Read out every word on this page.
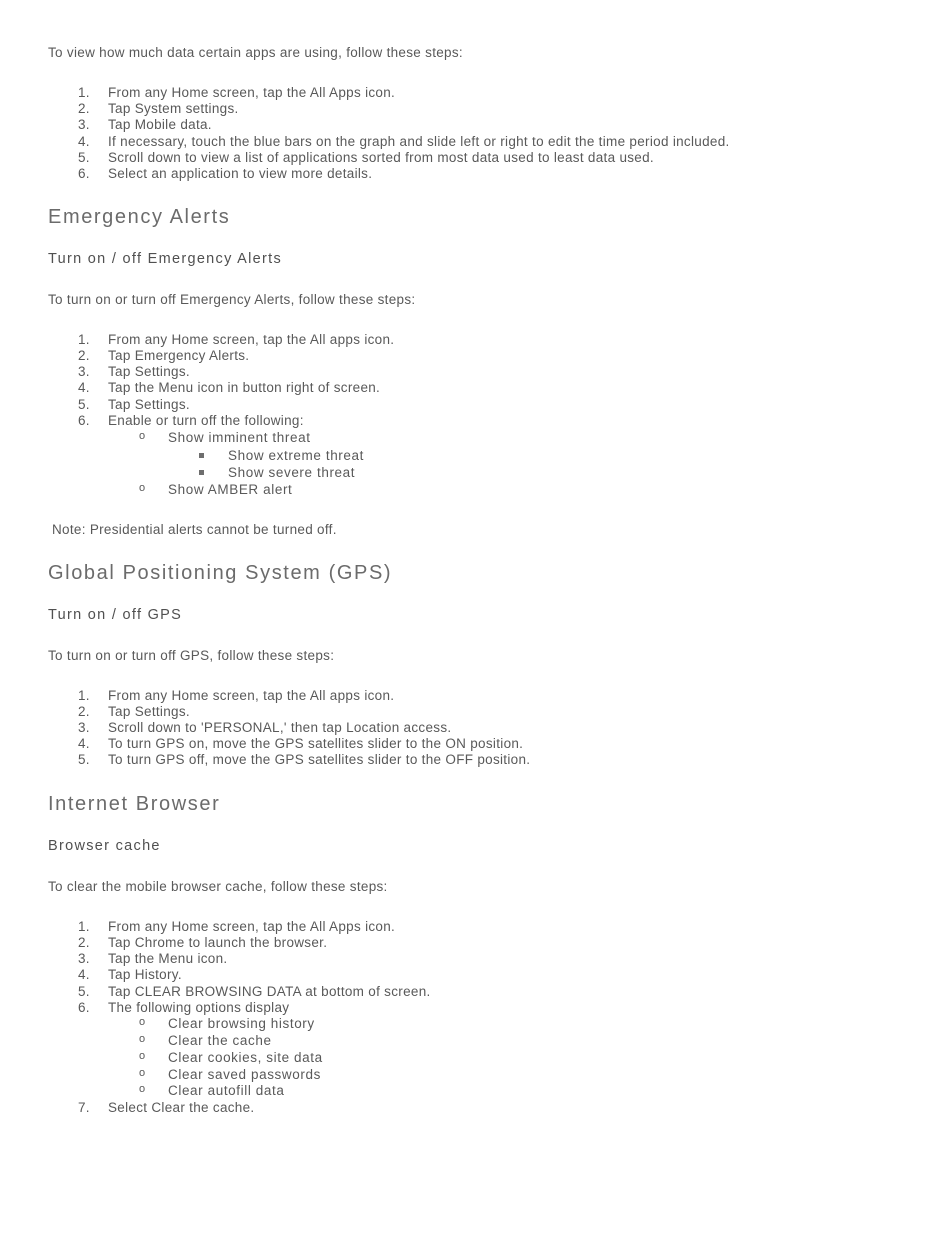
To view how much data certain apps are using, follow these steps:
1. From any Home screen, tap the All Apps icon.
2. Tap System settings.
3. Tap Mobile data.
4. If necessary, touch the blue bars on the graph and slide left or right to edit the time period included.
5. Scroll down to view a list of applications sorted from most data used to least data used.
6. Select an application to view more details.
Emergency Alerts
Turn on / off Emergency Alerts
To turn on or turn off Emergency Alerts, follow these steps:
1. From any Home screen, tap the All apps icon.
2. Tap Emergency Alerts.
3. Tap Settings.
4. Tap the Menu icon in button right of screen.
5. Tap Settings.
6. Enable or turn off the following:
o Show imminent threat
Show extreme threat
Show severe threat
o Show AMBER alert
Note: Presidential alerts cannot be turned off.
Global Positioning System (GPS)
Turn on / off GPS
To turn on or turn off GPS, follow these steps:
1. From any Home screen, tap the All apps icon.
2. Tap Settings.
3. Scroll down to 'PERSONAL,' then tap Location access.
4. To turn GPS on, move the GPS satellites slider to the ON position.
5. To turn GPS off, move the GPS satellites slider to the OFF position.
Internet Browser
Browser cache
To clear the mobile browser cache, follow these steps:
1. From any Home screen, tap the All Apps icon.
2. Tap Chrome to launch the browser.
3. Tap the Menu icon.
4. Tap History.
5. Tap CLEAR BROWSING DATA at bottom of screen.
6. The following options display
o Clear browsing history
o Clear the cache
o Clear cookies, site data
o Clear saved passwords
o Clear autofill data
7. Select Clear the cache.
